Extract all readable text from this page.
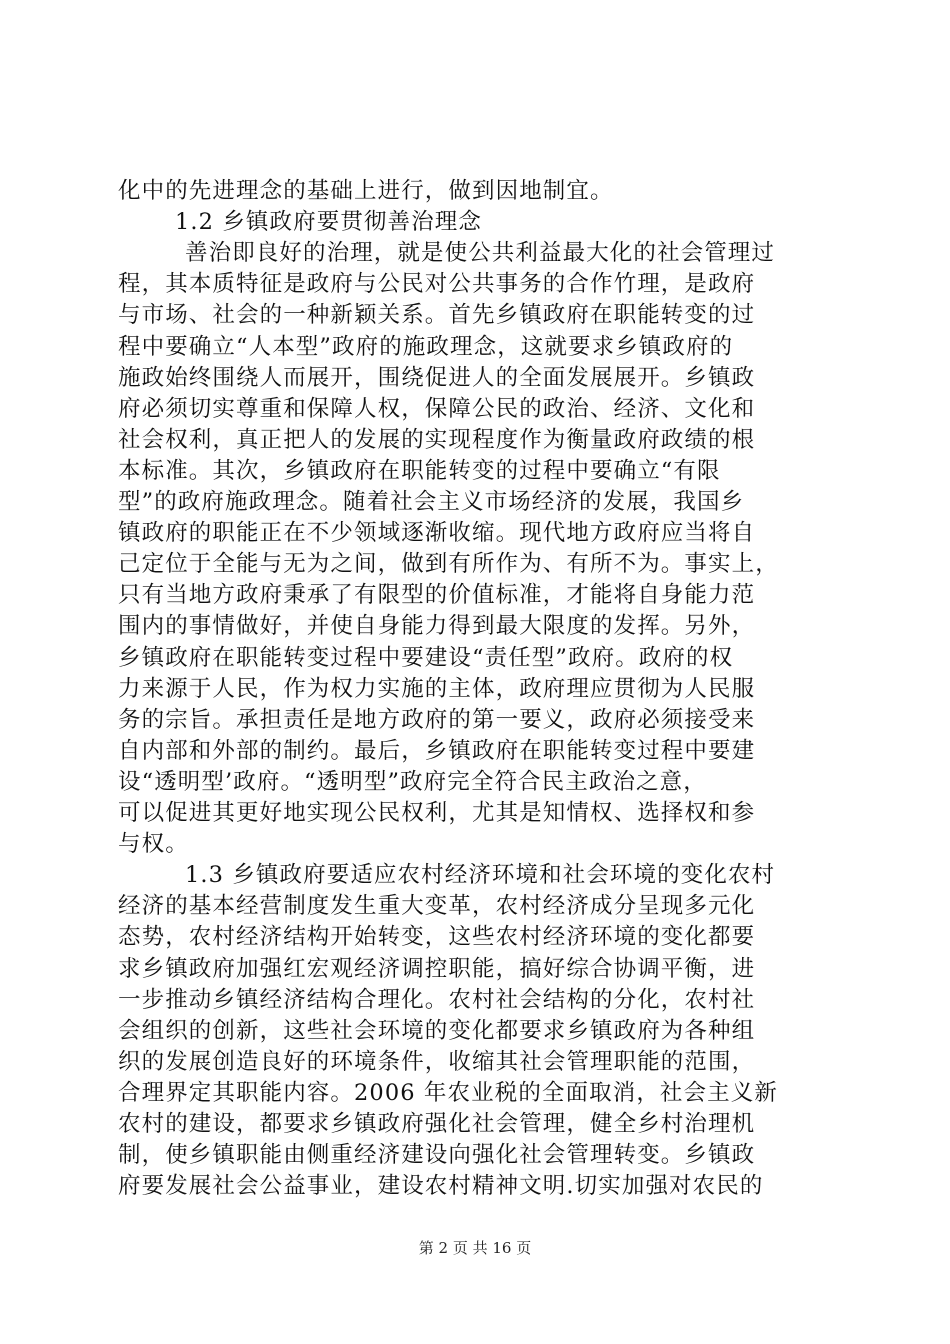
化中的先进理念的基础上进行，做到因地制宜。
1.2 乡镇政府要贯彻善治理念
善治即良好的治理，就是使公共利益最大化的社会管理过
程，其本质特征是政府与公民对公共事务的合作竹理，是政府
与市场、社会的一种新颖关系。首先乡镇政府在职能转变的过
程中要确立“人本型”政府的施政理念，这就要求乡镇政府的
施政始终围绕人而展开，围绕促进人的全面发展展开。乡镇政
府必须切实尊重和保障人权，保障公民的政治、经济、文化和
社会权利，真正把人的发展的实现程度作为衡量政府政绩的根
本标准。其次，乡镇政府在职能转变的过程中要确立“有限
型”的政府施政理念。随着社会主义市场经济的发展，我国乡
镇政府的职能正在不少领域逐渐收缩。现代地方政府应当将自
己定位于全能与无为之间，做到有所作为、有所不为。事实上，
只有当地方政府秉承了有限型的价值标准，才能将自身能力范
围内的事情做好，并使自身能力得到最大限度的发挥。另外，
乡镇政府在职能转变过程中要建设“责任型”政府。政府的权
力来源于人民，作为权力实施的主体，政府理应贯彻为人民服
务的宗旨。承担责任是地方政府的第一要义，政府必须接受来
自内部和外部的制约。最后，乡镇政府在职能转变过程中要建
设“透明型’政府。“透明型”政府完全符合民主政治之意，
可以促进其更好地实现公民权利，尤其是知情权、选择权和参
与权。
1.3 乡镇政府要适应农村经济环境和社会环境的变化农村
经济的基本经营制度发生重大变革，农村经济成分呈现多元化
态势，农村经济结构开始转变，这些农村经济环境的变化都要
求乡镇政府加强红宏观经济调控职能，搞好综合协调平衡，进
一步推动乡镇经济结构合理化。农村社会结构的分化，农村社
会组织的创新，这些社会环境的变化都要求乡镇政府为各种组
织的发展创造良好的环境条件，收缩其社会管理职能的范围，
合理界定其职能内容。2006 年农业税的全面取消，社会主义新
农村的建设，都要求乡镇政府强化社会管理，健全乡村治理机
制，使乡镇职能由侧重经济建设向强化社会管理转变。乡镇政
府要发展社会公益事业，建设农村精神文明.切实加强对农民的
第 2 页 共 16 页
